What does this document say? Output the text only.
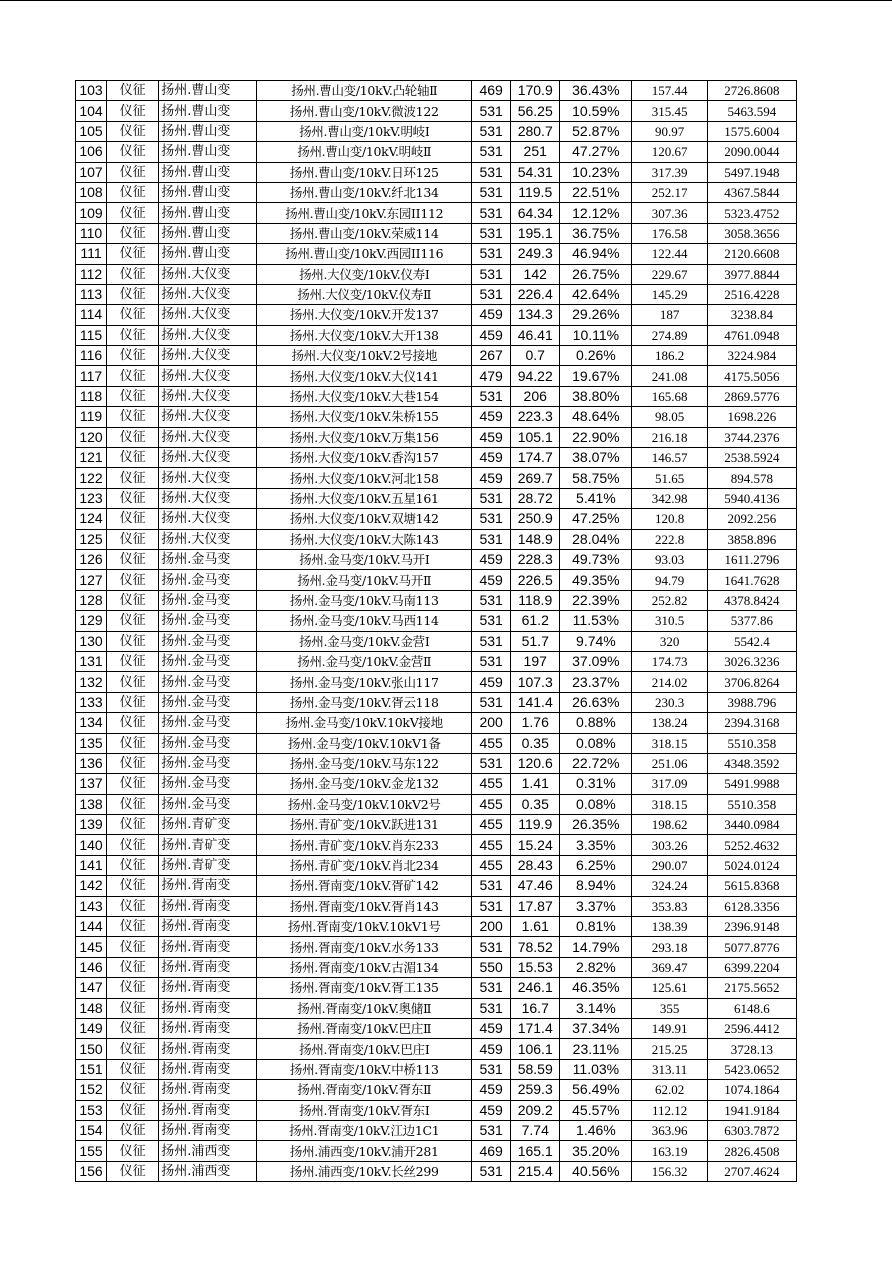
103	仪征	扬州.曹山变	扬州.曹山变/10kV.凸轮轴Ⅱ	469	170.9	36.43%	157.44	2726.8608
104	仪征	扬州.曹山变	扬州.曹山变/10kV.微波122	531	56.25	10.59%	315.45	5463.594
105	仪征	扬州.曹山变	扬州.曹山变/10kV.明岐Ⅰ	531	280.7	52.87%	90.97	1575.6004
106	仪征	扬州.曹山变	扬州.曹山变/10kV.明岐Ⅱ	531	251	47.27%	120.67	2090.0044
107	仪征	扬州.曹山变	扬州.曹山变/10kV.日环125	531	54.31	10.23%	317.39	5497.1948
108	仪征	扬州.曹山变	扬州.曹山变/10kV.纤北134	531	119.5	22.51%	252.17	4367.5844
109	仪征	扬州.曹山变	扬州.曹山变/10kV.东园II112	531	64.34	12.12%	307.36	5323.4752
110	仪征	扬州.曹山变	扬州.曹山变/10kV.荣威114	531	195.1	36.75%	176.58	3058.3656
111	仪征	扬州.曹山变	扬州.曹山变/10kV.西园II116	531	249.3	46.94%	122.44	2120.6608
112	仪征	扬州.大仪变	扬州.大仪变/10kV.仪寿Ⅰ	531	142	26.75%	229.67	3977.8844
113	仪征	扬州.大仪变	扬州.大仪变/10kV.仪寿Ⅱ	531	226.4	42.64%	145.29	2516.4228
114	仪征	扬州.大仪变	扬州.大仪变/10kV.开发137	459	134.3	29.26%	187	3238.84
115	仪征	扬州.大仪变	扬州.大仪变/10kV.大开138	459	46.41	10.11%	274.89	4761.0948
116	仪征	扬州.大仪变	扬州.大仪变/10kV.2号接地	267	0.7	0.26%	186.2	3224.984
117	仪征	扬州.大仪变	扬州.大仪变/10kV.大仪141	479	94.22	19.67%	241.08	4175.5056
118	仪征	扬州.大仪变	扬州.大仪变/10kV.大巷154	531	206	38.80%	165.68	2869.5776
119	仪征	扬州.大仪变	扬州.大仪变/10kV.朱桥155	459	223.3	48.64%	98.05	1698.226
120	仪征	扬州.大仪变	扬州.大仪变/10kV.万集156	459	105.1	22.90%	216.18	3744.2376
121	仪征	扬州.大仪变	扬州.大仪变/10kV.香沟157	459	174.7	38.07%	146.57	2538.5924
122	仪征	扬州.大仪变	扬州.大仪变/10kV.河北158	459	269.7	58.75%	51.65	894.578
123	仪征	扬州.大仪变	扬州.大仪变/10kV.五星161	531	28.72	5.41%	342.98	5940.4136
124	仪征	扬州.大仪变	扬州.大仪变/10kV.双塘142	531	250.9	47.25%	120.8	2092.256
125	仪征	扬州.大仪变	扬州.大仪变/10kV.大陈143	531	148.9	28.04%	222.8	3858.896
126	仪征	扬州.金马变	扬州.金马变/10kV.马开Ⅰ	459	228.3	49.73%	93.03	1611.2796
127	仪征	扬州.金马变	扬州.金马变/10kV.马开Ⅱ	459	226.5	49.35%	94.79	1641.7628
128	仪征	扬州.金马变	扬州.金马变/10kV.马南113	531	118.9	22.39%	252.82	4378.8424
129	仪征	扬州.金马变	扬州.金马变/10kV.马西114	531	61.2	11.53%	310.5	5377.86
130	仪征	扬州.金马变	扬州.金马变/10kV.金营Ⅰ	531	51.7	9.74%	320	5542.4
131	仪征	扬州.金马变	扬州.金马变/10kV.金营Ⅱ	531	197	37.09%	174.73	3026.3236
132	仪征	扬州.金马变	扬州.金马变/10kV.张山117	459	107.3	23.37%	214.02	3706.8264
133	仪征	扬州.金马变	扬州.金马变/10kV.胥云118	531	141.4	26.63%	230.3	3988.796
134	仪征	扬州.金马变	扬州.金马变/10kV.10kV接地	200	1.76	0.88%	138.24	2394.3168
135	仪征	扬州.金马变	扬州.金马变/10kV.10kV1备	455	0.35	0.08%	318.15	5510.358
136	仪征	扬州.金马变	扬州.金马变/10kV.马东122	531	120.6	22.72%	251.06	4348.3592
137	仪征	扬州.金马变	扬州.金马变/10kV.金龙132	455	1.41	0.31%	317.09	5491.9988
138	仪征	扬州.金马变	扬州.金马变/10kV.10kV2号	455	0.35	0.08%	318.15	5510.358
139	仪征	扬州.青矿变	扬州.青矿变/10kV.跃进131	455	119.9	26.35%	198.62	3440.0984
140	仪征	扬州.青矿变	扬州.青矿变/10kV.肖东233	455	15.24	3.35%	303.26	5252.4632
141	仪征	扬州.青矿变	扬州.青矿变/10kV.肖北234	455	28.43	6.25%	290.07	5024.0124
142	仪征	扬州.胥南变	扬州.胥南变/10kV.胥矿142	531	47.46	8.94%	324.24	5615.8368
143	仪征	扬州.胥南变	扬州.胥南变/10kV.胥肖143	531	17.87	3.37%	353.83	6128.3356
144	仪征	扬州.胥南变	扬州.胥南变/10kV.10kV1号	200	1.61	0.81%	138.39	2396.9148
145	仪征	扬州.胥南变	扬州.胥南变/10kV.水务133	531	78.52	14.79%	293.18	5077.8776
146	仪征	扬州.胥南变	扬州.胥南变/10kV.古湄134	550	15.53	2.82%	369.47	6399.2204
147	仪征	扬州.胥南变	扬州.胥南变/10kV.胥工135	531	246.1	46.35%	125.61	2175.5652
148	仪征	扬州.胥南变	扬州.胥南变/10kV.奥储Ⅱ	531	16.7	3.14%	355	6148.6
149	仪征	扬州.胥南变	扬州.胥南变/10kV.巴庄Ⅱ	459	171.4	37.34%	149.91	2596.4412
150	仪征	扬州.胥南变	扬州.胥南变/10kV.巴庄Ⅰ	459	106.1	23.11%	215.25	3728.13
151	仪征	扬州.胥南变	扬州.胥南变/10kV.中桥113	531	58.59	11.03%	313.11	5423.0652
152	仪征	扬州.胥南变	扬州.胥南变/10kV.胥东Ⅱ	459	259.3	56.49%	62.02	1074.1864
153	仪征	扬州.胥南变	扬州.胥南变/10kV.胥东Ⅰ	459	209.2	45.57%	112.12	1941.9184
154	仪征	扬州.胥南变	扬州.胥南变/10kV.江边1C1	531	7.74	1.46%	363.96	6303.7872
155	仪征	扬州.浦西变	扬州.浦西变/10kV.浦开281	469	165.1	35.20%	163.19	2826.4508
156	仪征	扬州.浦西变	扬州.浦西变/10kV.长丝299	531	215.4	40.56%	156.32	2707.4624
